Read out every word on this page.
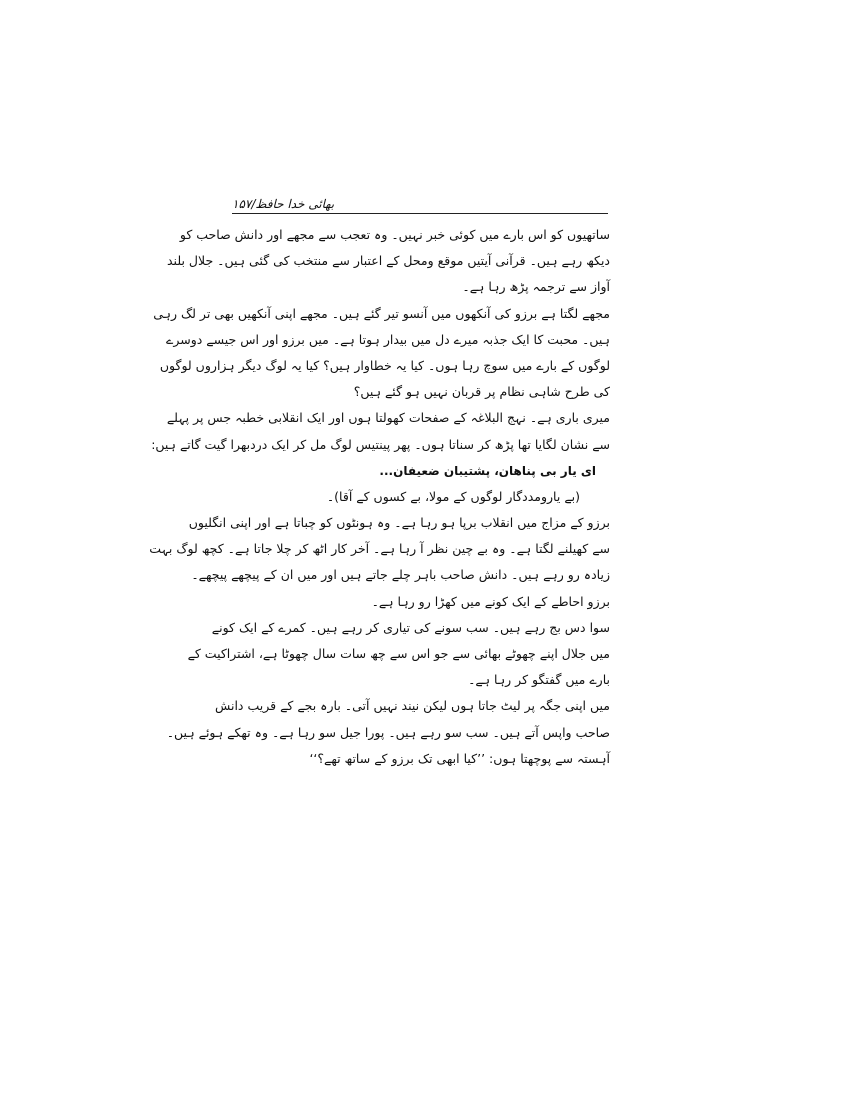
بھائی خدا حافظ/۱۵۷
ساتھیوں کو اس بارے میں کوئی خبر نہیں۔ وہ تعجب سے مجھے اور دانش صاحب کو
دیکھ رہے ہیں۔ قرآنی آیتیں موقع ومحل کے اعتبار سے منتخب کی گئی ہیں۔ جلال بلند
آواز سے ترجمہ پڑھ رہا ہے۔
مجھے لگتا ہے برزو کی آنکھوں میں آنسو تیر گئے ہیں۔ مجھے اپنی آنکھیں بھی تر لگ رہی
ہیں۔ محبت کا ایک جذبہ میرے دل میں بیدار ہوتا ہے۔ میں برزو اور اس جیسے دوسرے
لوگوں کے بارے میں سوچ رہا ہوں۔ کیا یہ خطاوار ہیں؟ کیا یہ لوگ دیگر ہزاروں لوگوں
کی طرح شاہی نظام پر قربان نہیں ہو گئے ہیں؟
میری باری ہے۔ نہج البلاغہ کے صفحات کھولتا ہوں اور ایک انقلابی خطبہ جس پر پہلے
سے نشان لگایا تھا پڑھ کر سناتا ہوں۔ پھر پینتیس لوگ مل کر ایک دردبھرا گیت گاتے ہیں:
ای یار بی پناهان، پشتیبان ضعیفان...
(بے یارومددگار لوگوں کے مولا، بے کسوں کے آقا)۔
برزو کے مزاج میں انقلاب برپا ہو رہا ہے۔ وہ ہونٹوں کو چباتا ہے اور اپنی انگلیوں
سے کھیلنے لگتا ہے۔ وہ بے چین نظر آ رہا ہے۔ آخر کار اٹھ کر چلا جاتا ہے۔ کچھ لوگ بہت
زیادہ رو رہے ہیں۔ دانش صاحب باہر چلے جاتے ہیں اور میں ان کے پیچھے پیچھے۔
برزو احاطے کے ایک کونے میں کھڑا رو رہا ہے۔
سوا دس بج رہے ہیں۔ سب سونے کی تیاری کر رہے ہیں۔ کمرے کے ایک کونے
میں جلال اپنے چھوٹے بھائی سے جو اس سے چھ سات سال چھوٹا ہے، اشتراکیت کے
بارے میں گفتگو کر رہا ہے۔
میں اپنی جگہ پر لیٹ جاتا ہوں لیکن نیند نہیں آتی۔ بارہ بجے کے قریب دانش
صاحب واپس آتے ہیں۔ سب سو رہے ہیں۔ پورا جیل سو رہا ہے۔ وہ تھکے ہوئے ہیں۔
آہستہ سے پوچھتا ہوں: ’’کیا ابھی تک برزو کے ساتھ تھے؟‘‘
